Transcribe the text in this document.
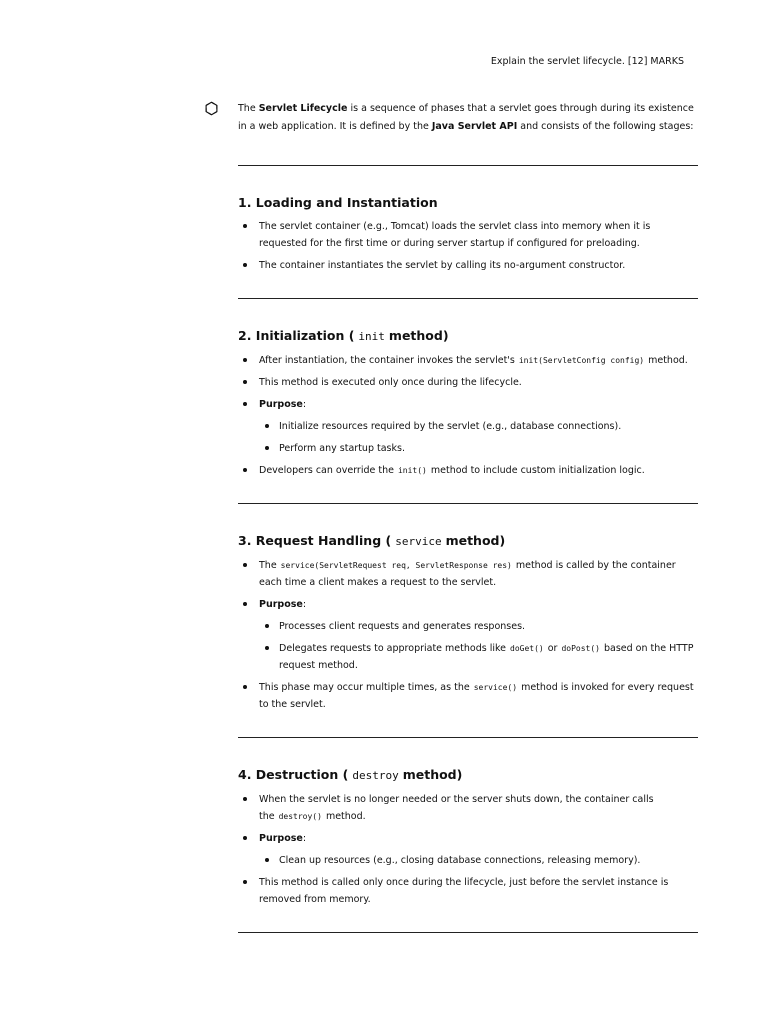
Explain the servlet lifecycle. [12] MARKS

The Servlet Lifecycle is a sequence of phases that a servlet goes through during its existence in a web application. It is defined by the Java Servlet API and consists of the following stages:

1. Loading and Instantiation
The servlet container (e.g., Tomcat) loads the servlet class into memory when it is requested for the first time or during server startup if configured for preloading.
The container instantiates the servlet by calling its no-argument constructor.
2. Initialization ( init method)
After instantiation, the container invokes the servlet's init(ServletConfig config) method.
This method is executed only once during the lifecycle.
Purpose:
Initialize resources required by the servlet (e.g., database connections).
Perform any startup tasks.
Developers can override the init() method to include custom initialization logic.
3. Request Handling ( service method)
The service(ServletRequest req, ServletResponse res) method is called by the container each time a client makes a request to the servlet.
Purpose:
Processes client requests and generates responses.
Delegates requests to appropriate methods like doGet() or doPost() based on the HTTP request method.
This phase may occur multiple times, as the service() method is invoked for every request to the servlet.
4. Destruction ( destroy method)
When the servlet is no longer needed or the server shuts down, the container calls the destroy() method.
Purpose:
Clean up resources (e.g., closing database connections, releasing memory).
This method is called only once during the lifecycle, just before the servlet instance is removed from memory.
